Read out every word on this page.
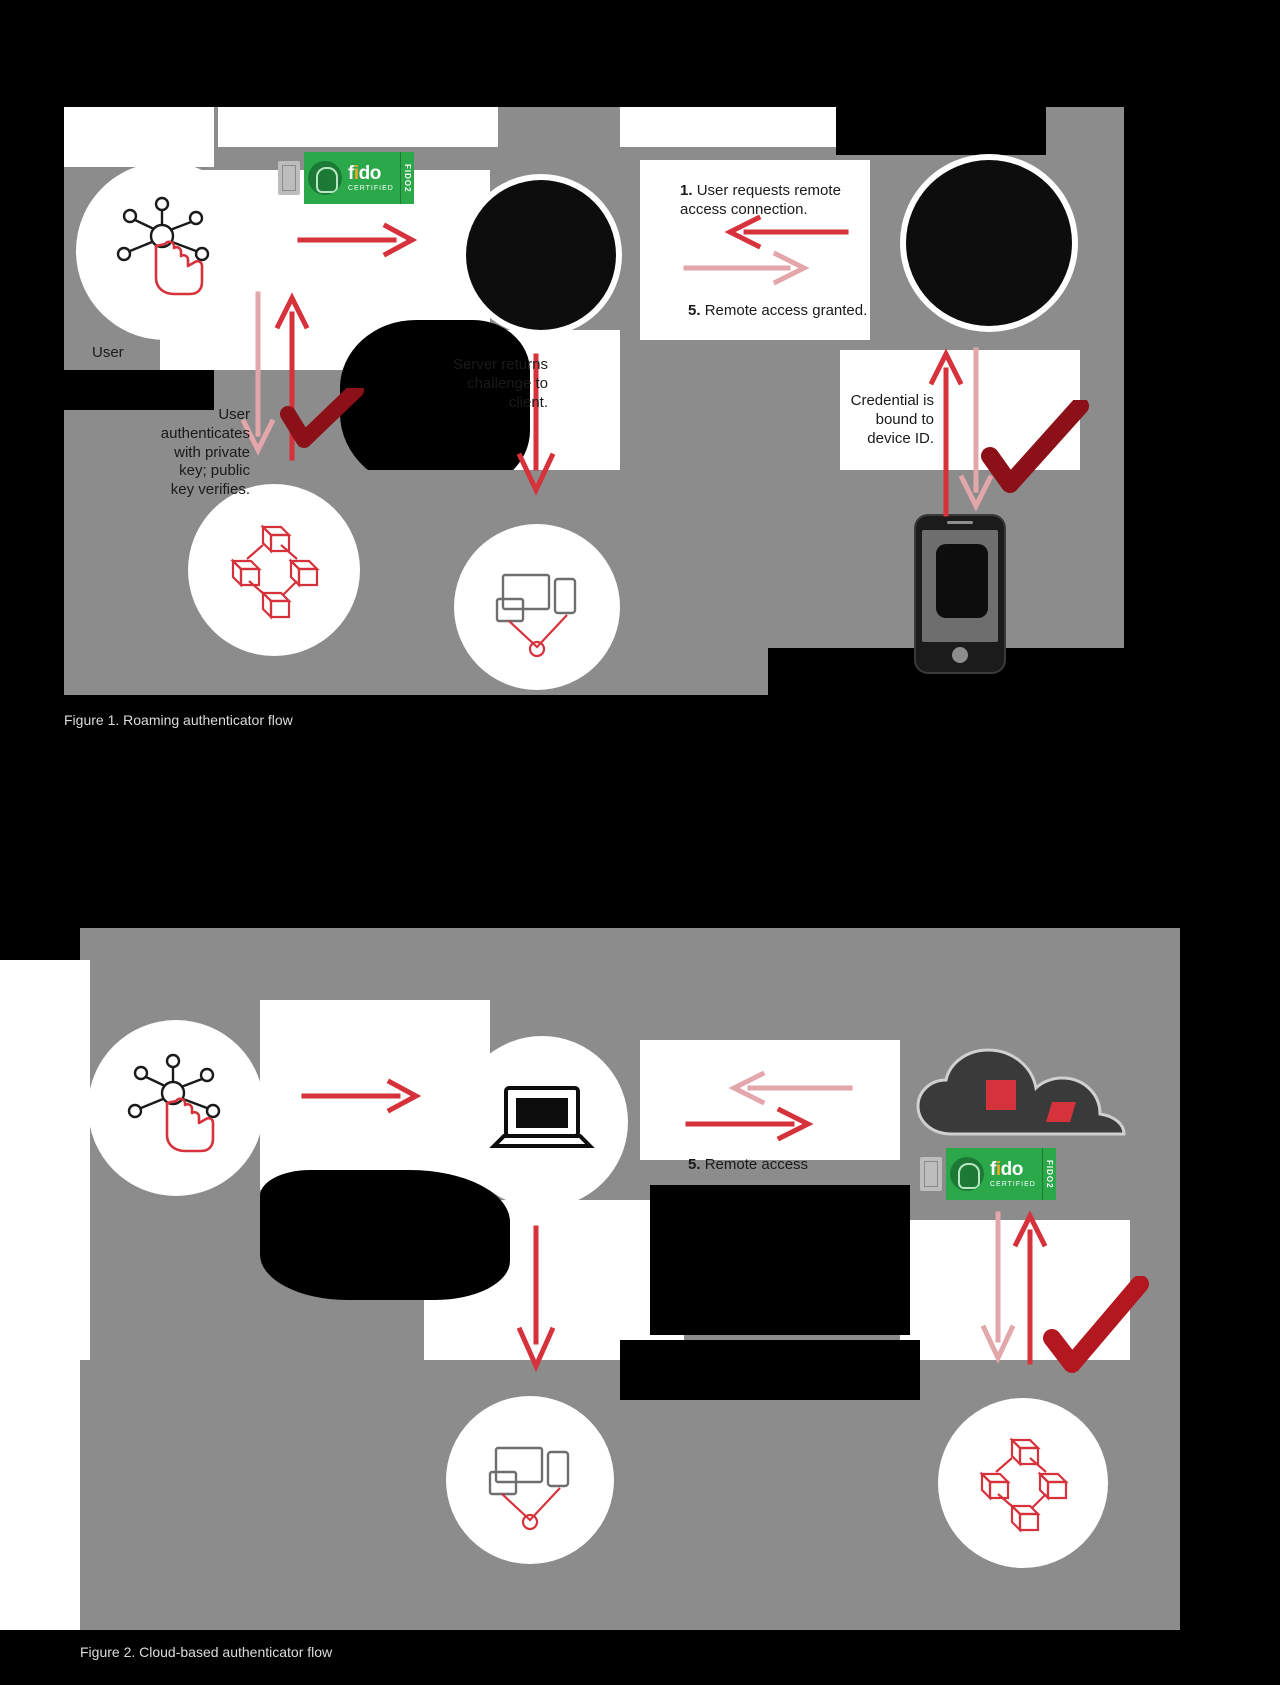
fido
CERTIFIED	FIDO2	1. User requests remote access connection.
5. Remote access granted.
Server returns challenge to client.
User authenticates with private key; public key verifies.
Credential is bound to device ID.
User
Figure 1. Roaming authenticator flow
fido
CERTIFIED	FIDO2
5. Remote access
6.
Figure 2. Cloud-based authenticator flow
